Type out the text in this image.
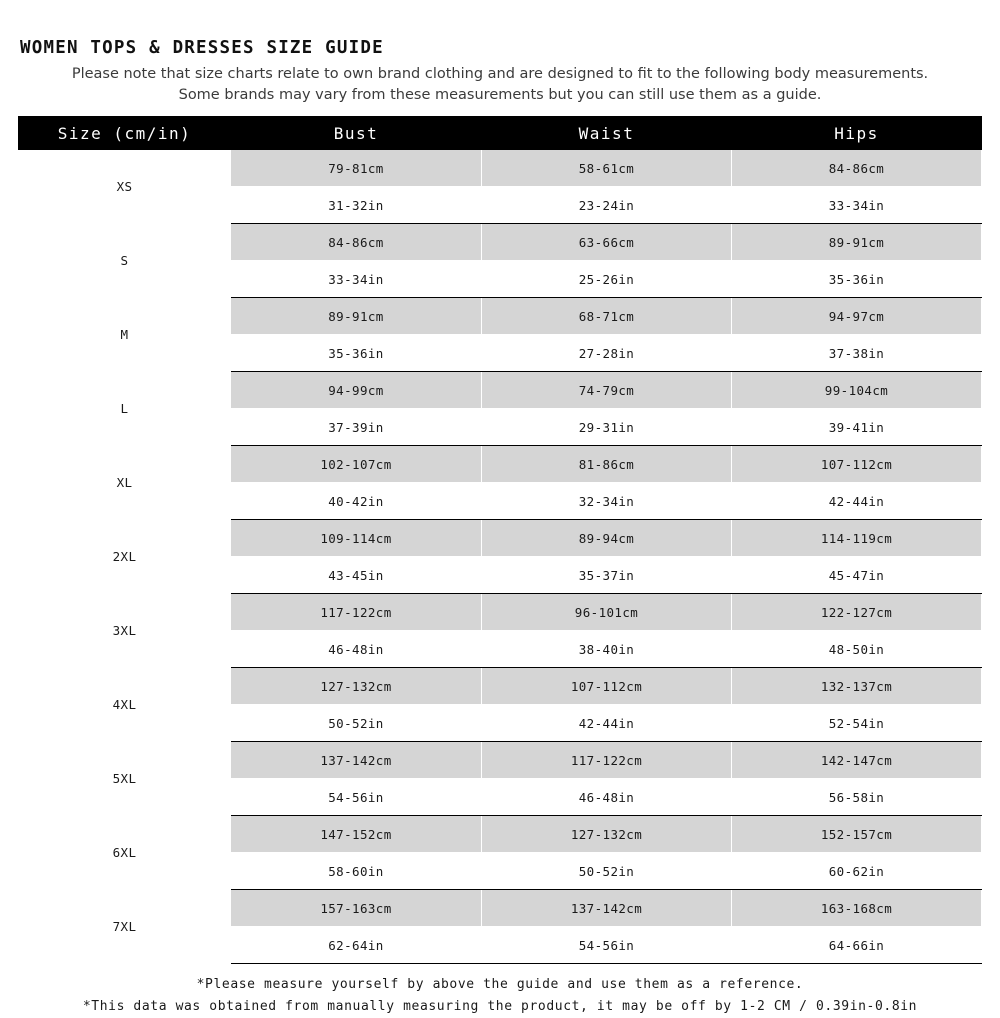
WOMEN TOPS & DRESSES SIZE GUIDE

Please note that size charts relate to own brand clothing and are designed to fit to the following body measurements.
Some brands may vary from these measurements but you can still use them as a guide.

Size (cm/in)	Bust	Waist	Hips
XS	79-81cm	58-61cm	84-86cm
	31-32in	23-24in	33-34in
S	84-86cm	63-66cm	89-91cm
	33-34in	25-26in	35-36in
M	89-91cm	68-71cm	94-97cm
	35-36in	27-28in	37-38in
L	94-99cm	74-79cm	99-104cm
	37-39in	29-31in	39-41in
XL	102-107cm	81-86cm	107-112cm
	40-42in	32-34in	42-44in
2XL	109-114cm	89-94cm	114-119cm
	43-45in	35-37in	45-47in
3XL	117-122cm	96-101cm	122-127cm
	46-48in	38-40in	48-50in
4XL	127-132cm	107-112cm	132-137cm
	50-52in	42-44in	52-54in
5XL	137-142cm	117-122cm	142-147cm
	54-56in	46-48in	56-58in
6XL	147-152cm	127-132cm	152-157cm
	58-60in	50-52in	60-62in
7XL	157-163cm	137-142cm	163-168cm
	62-64in	54-56in	64-66in
*Please measure yourself by above the guide and use them as a reference.
*This data was obtained from manually measuring the product, it may be off by 1-2 CM / 0.39in-0.8in
